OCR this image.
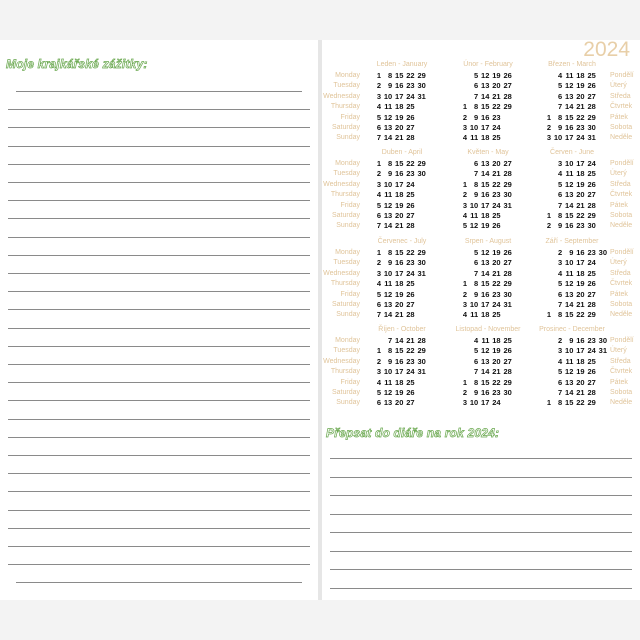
Moje krajkářské zážitky:
2024
Monday
Tuesday
Wednesday
Thursday
Friday
Saturday
Sunday
Pondělí
Úterý
Středa
Čtvrtek
Pátek
Sobota
Neděle
Leden - January
1
2
3
4
5
6
7
8
9
10
11
12
13
14
15
16
17
18
19
20
21
22
23
24
25
26
27
28
29
30
31
Únor - February
1
2
3
4
5
6
7
8
9
10
11
12
13
14
15
16
17
18
19
20
21
22
23
24
25
26
27
28
29
Březen - March
1
2
3
4
5
6
7
8
9
10
11
12
13
14
15
16
17
18
19
20
21
22
23
24
25
26
27
28
29
30
31
Monday
Tuesday
Wednesday
Thursday
Friday
Saturday
Sunday
Pondělí
Úterý
Středa
Čtvrtek
Pátek
Sobota
Neděle
Duben - April
1
2
3
4
5
6
7
8
9
10
11
12
13
14
15
16
17
18
19
20
21
22
23
24
25
26
27
28
29
30
Květen - May
1
2
3
4
5
6
7
8
9
10
11
12
13
14
15
16
17
18
19
20
21
22
23
24
25
26
27
28
29
30
31
Červen - June
1
2
3
4
5
6
7
8
9
10
11
12
13
14
15
16
17
18
19
20
21
22
23
24
25
26
27
28
29
30
Monday
Tuesday
Wednesday
Thursday
Friday
Saturday
Sunday
Pondělí
Úterý
Středa
Čtvrtek
Pátek
Sobota
Neděle
Červenec - July
1
2
3
4
5
6
7
8
9
10
11
12
13
14
15
16
17
18
19
20
21
22
23
24
25
26
27
28
29
30
31
Srpen - August
1
2
3
4
5
6
7
8
9
10
11
12
13
14
15
16
17
18
19
20
21
22
23
24
25
26
27
28
29
30
31
Září - September
1
2
3
4
5
6
7
8
9
10
11
12
13
14
15
16
17
18
19
20
21
22
23
24
25
26
27
28
29
30
Monday
Tuesday
Wednesday
Thursday
Friday
Saturday
Sunday
Pondělí
Úterý
Středa
Čtvrtek
Pátek
Sobota
Neděle
Říjen - October
1
2
3
4
5
6
7
8
9
10
11
12
13
14
15
16
17
18
19
20
21
22
23
24
25
26
27
28
29
30
31
Listopad - November
1
2
3
4
5
6
7
8
9
10
11
12
13
14
15
16
17
18
19
20
21
22
23
24
25
26
27
28
29
30
Prosinec - December
1
2
3
4
5
6
7
8
9
10
11
12
13
14
15
16
17
18
19
20
21
22
23
24
25
26
27
28
29
30
31
Přepsat do diáře na rok 2024:
